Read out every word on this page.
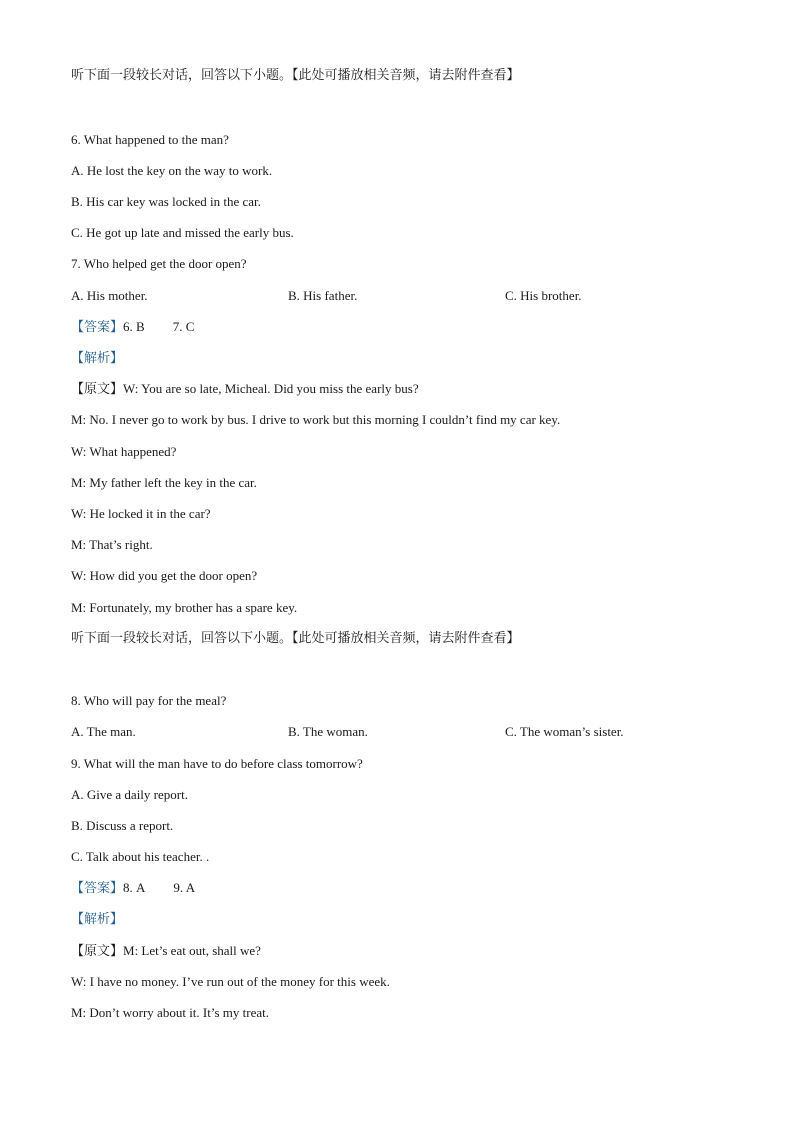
听下面一段较长对话，回答以下小题。【此处可播放相关音频，请去附件查看】
6. What happened to the man?
A. He lost the key on the way to work.
B. His car key was locked in the car.
C. He got up late and missed the early bus.
7. Who helped get the door open?
A. His mother.	B. His father.	C. His brother.
【答案】6. B 7. C
【解析】
【原文】W: You are so late, Micheal. Did you miss the early bus?
M: No. I never go to work by bus. I drive to work but this morning I couldn’t find my car key.
W: What happened?
M: My father left the key in the car.
W: He locked it in the car?
M: That’s right.
W: How did you get the door open?
M: Fortunately, my brother has a spare key.
听下面一段较长对话，回答以下小题。【此处可播放相关音频，请去附件查看】
8. Who will pay for the meal?
A. The man.	B. The woman.	C. The woman’s sister.
9. What will the man have to do before class tomorrow?
A. Give a daily report.
B. Discuss a report.
C. Talk about his teacher. .
【答案】8. A 9. A
【解析】
【原文】M: Let’s eat out, shall we?
W: I have no money. I’ve run out of the money for this week.
M: Don’t worry about it. It’s my treat.
